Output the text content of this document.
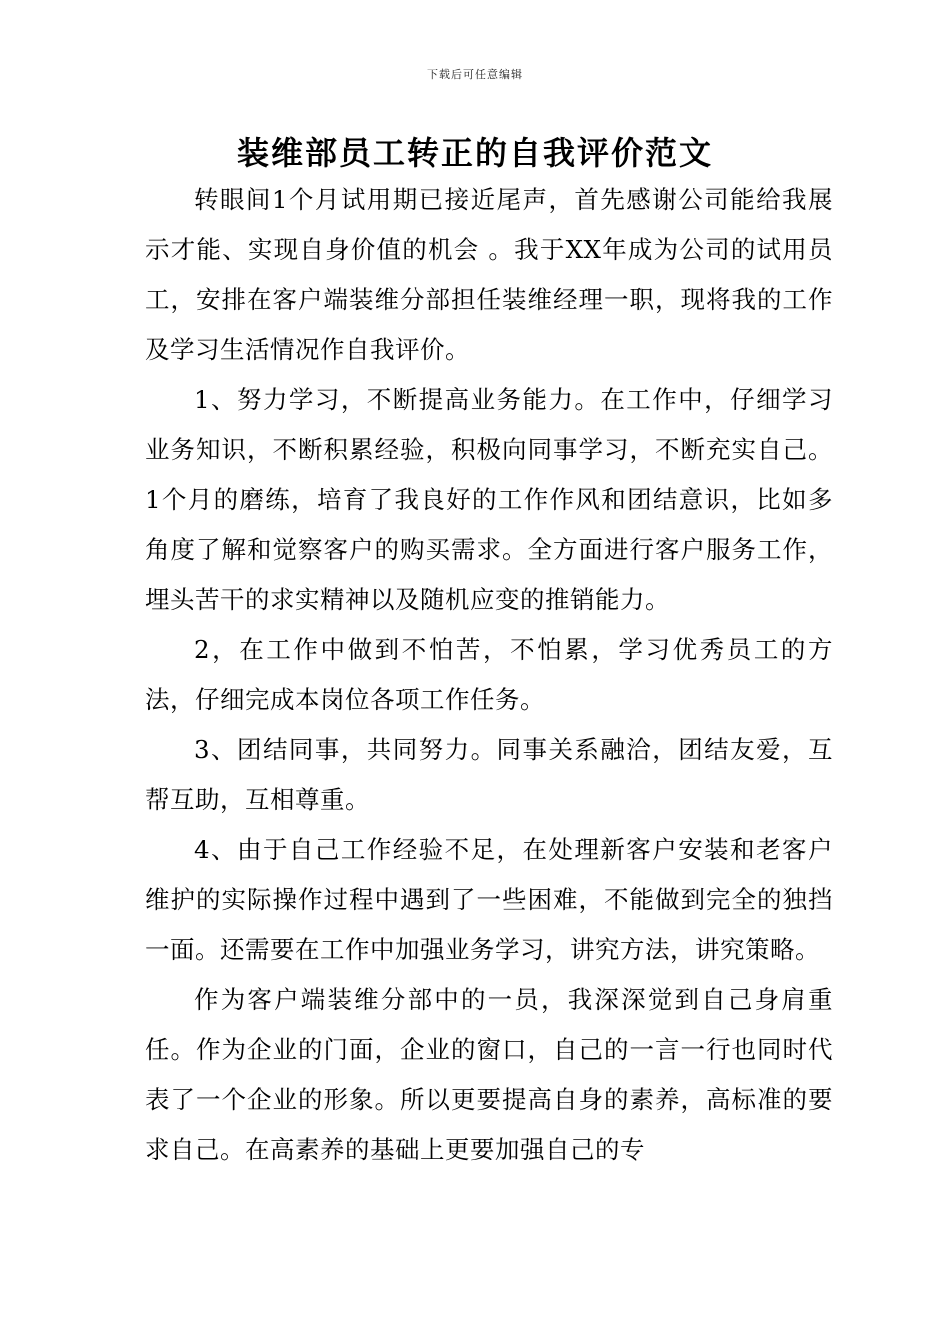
下载后可任意编辑
装维部员工转正的自我评价范文

转眼间1个月试用期已接近尾声，首先感谢公司能给我展示才能、实现自身价值的机会 。我于XX年成为公司的试用员工，安排在客户端装维分部担任装维经理一职，现将我的工作及学习生活情况作自我评价。

1、努力学习，不断提高业务能力。在工作中，仔细学习业务知识，不断积累经验，积极向同事学习，不断充实自己。1个月的磨练，培育了我良好的工作作风和团结意识，比如多角度了解和觉察客户的购买需求。全方面进行客户服务工作，埋头苦干的求实精神以及随机应变的推销能力。

2，在工作中做到不怕苦，不怕累，学习优秀员工的方法，仔细完成本岗位各项工作任务。

3、团结同事，共同努力。同事关系融洽，团结友爱，互帮互助，互相尊重。

4、由于自己工作经验不足，在处理新客户安装和老客户维护的实际操作过程中遇到了一些困难，不能做到完全的独挡一面。还需要在工作中加强业务学习，讲究方法，讲究策略。

作为客户端装维分部中的一员，我深深觉到自己身肩重任。作为企业的门面，企业的窗口，自己的一言一行也同时代表了一个企业的形象。所以更要提高自身的素养，高标准的要求自己。在高素养的基础上更要加强自己的专
